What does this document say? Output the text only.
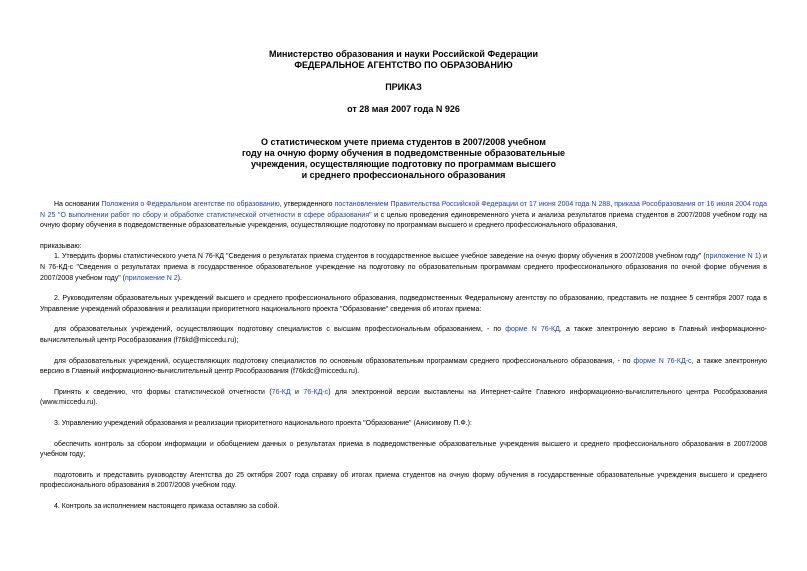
Министерство образования и науки Российской Федерации
ФЕДЕРАЛЬНОЕ АГЕНТСТВО ПО ОБРАЗОВАНИЮ
ПРИКАЗ
от 28 мая 2007 года N 926
О статистическом учете приема студентов в 2007/2008 учебном
году на очную форму обучения в подведомственные образовательные
учреждения, осуществляющие подготовку по программам высшего
и среднего профессионального образования

На основании Положения о Федеральном агентстве по образованию, утвержденного постановлением Правительства Российской Федерации от 17 июня 2004 года N 288, приказа Рособразования от 16 июля 2004 года N 25 "О выполнении работ по сбору и обработке статистической отчетности в сфере образования" и с целью проведения единовременного учета и анализа результатов приема студентов в 2007/2008 учебном году на очную форму обучения в подведомственные образовательные учреждения, осуществляющие подготовку по программам высшего и среднего профессионального образования,

приказываю:

1. Утвердить формы статистического учета N 76-КД "Сведения о результатах приема студентов в государственное высшее учебное заведение на очную форму обучения в 2007/2008 учебном году" (приложение N 1) и N 76-КД-с "Сведения о результатах приема в государственное образовательное учреждение на подготовку по образовательным программам среднего профессионального образования по очной форме обучения в 2007/2008 учебном году" (приложение N 2).

2. Руководителям образовательных учреждений высшего и среднего профессионального образования, подведомственных Федеральному агентству по образованию, представить не позднее 5 сентября 2007 года в Управление учреждений образования и реализации приоритетного национального проекта "Образование" сведения об итогах приема:

для образовательных учреждений, осуществляющих подготовку специалистов с высшим профессиональным образованием, - по форме N 76-КД, а также электронную версию в Главный информационно-вычислительный центр Рособразования (f76kd@miccedu.ru);

для образовательных учреждений, осуществляющих подготовку специалистов по основным образовательным программам среднего профессионального образования, - по форме N 76-КД-с, а также электронную версию в Главный информационно-вычислительный центр Рособразования (f76kdc@miccedu.ru).

Принять к сведению, что формы статистической отчетности (76-КД и 76-КД-с) для электронной версии выставлены на Интернет-сайте Главного информационно-вычислительного центра Рособразования (www.miccedu.ru).

3. Управлению учреждений образования и реализации приоритетного национального проекта "Образование" (Анисимову П.Ф.):

обеспечить контроль за сбором информации и обобщением данных о результатах приема в подведомственные образовательные учреждения высшего и среднего профессионального образования в 2007/2008 учебном году;

подготовить и представить руководству Агентства до 25 октября 2007 года справку об итогах приема студентов на очную форму обучения в государственные образовательные учреждения высшего и среднего профессионального образования в 2007/2008 учебном году.

4. Контроль за исполнением настоящего приказа оставляю за собой.
